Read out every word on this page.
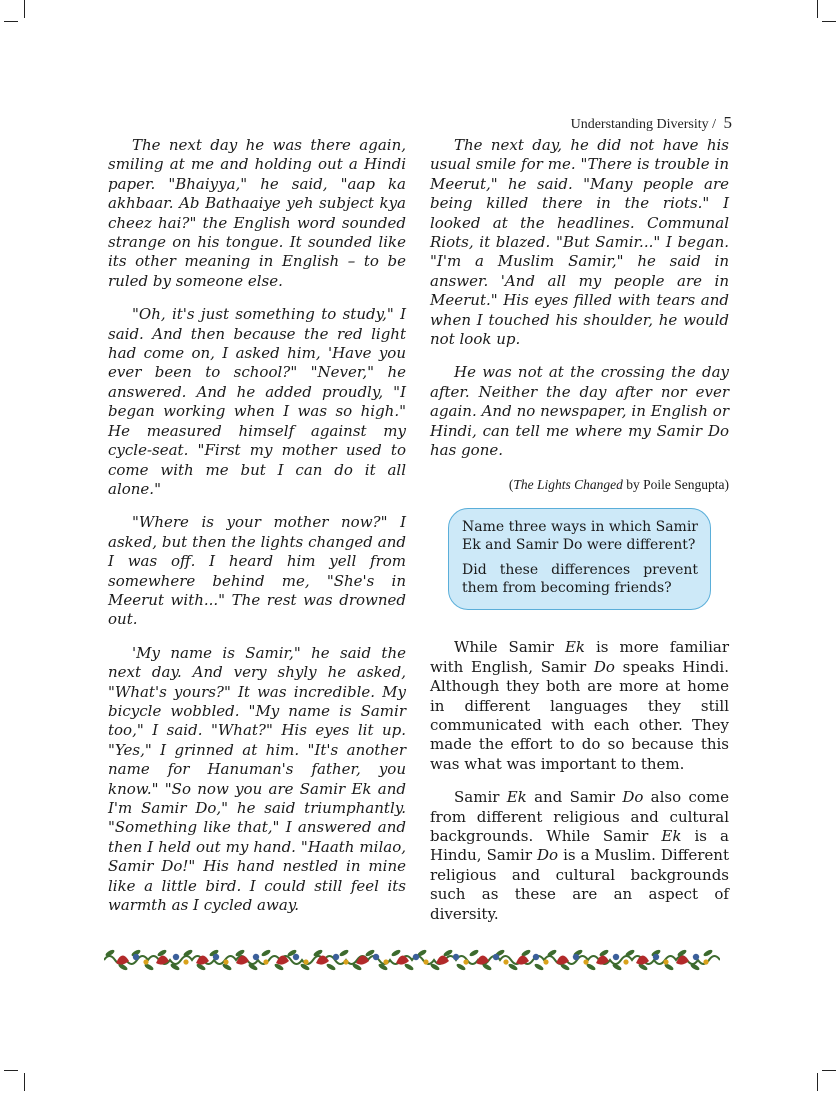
Understanding Diversity / 5

The next day he was there again, smiling at me and holding out a Hindi paper. "Bhaiyya," he said, "aap ka akhbaar. Ab Bathaaiye yeh subject kya cheez hai?" the English word sounded strange on his tongue. It sounded like its other meaning in English – to be ruled by someone else.

"Oh, it's just something to study," I said. And then because the red light had come on, I asked him, 'Have you ever been to school?" "Never," he answered. And he added proudly, "I began working when I was so high." He measured himself against my cycle-seat. "First my mother used to come with me but I can do it all alone."

"Where is your mother now?" I asked, but then the lights changed and I was off. I heard him yell from somewhere behind me, "She's in Meerut with..." The rest was drowned out.

'My name is Samir," he said the next day. And very shyly he asked, "What's yours?" It was incredible. My bicycle wobbled. "My name is Samir too," I said. "What?" His eyes lit up. "Yes," I grinned at him. "It's another name for Hanuman's father, you know." "So now you are Samir Ek and I'm Samir Do," he said triumphantly. "Something like that," I answered and then I held out my hand. "Haath milao, Samir Do!" His hand nestled in mine like a little bird. I could still feel its warmth as I cycled away.

The next day, he did not have his usual smile for me. "There is trouble in Meerut," he said. "Many people are being killed there in the riots." I looked at the headlines. Communal Riots, it blazed. "But Samir..." I began. "I'm a Muslim Samir," he said in answer. 'And all my people are in Meerut." His eyes filled with tears and when I touched his shoulder, he would not look up.

He was not at the crossing the day after. Neither the day after nor ever again. And no newspaper, in English or Hindi, can tell me where my Samir Do has gone.

(The Lights Changed by Poile Sengupta)

Name three ways in which Samir Ek and Samir Do were different?

Did these differences prevent them from becoming friends?

While Samir Ek is more familiar with English, Samir Do speaks Hindi. Although they both are more at home in different languages they still communicated with each other. They made the effort to do so because this was what was important to them.

Samir Ek and Samir Do also come from different religious and cultural backgrounds. While Samir Ek is a Hindu, Samir Do is a Muslim. Different religious and cultural backgrounds such as these are an aspect of diversity.
